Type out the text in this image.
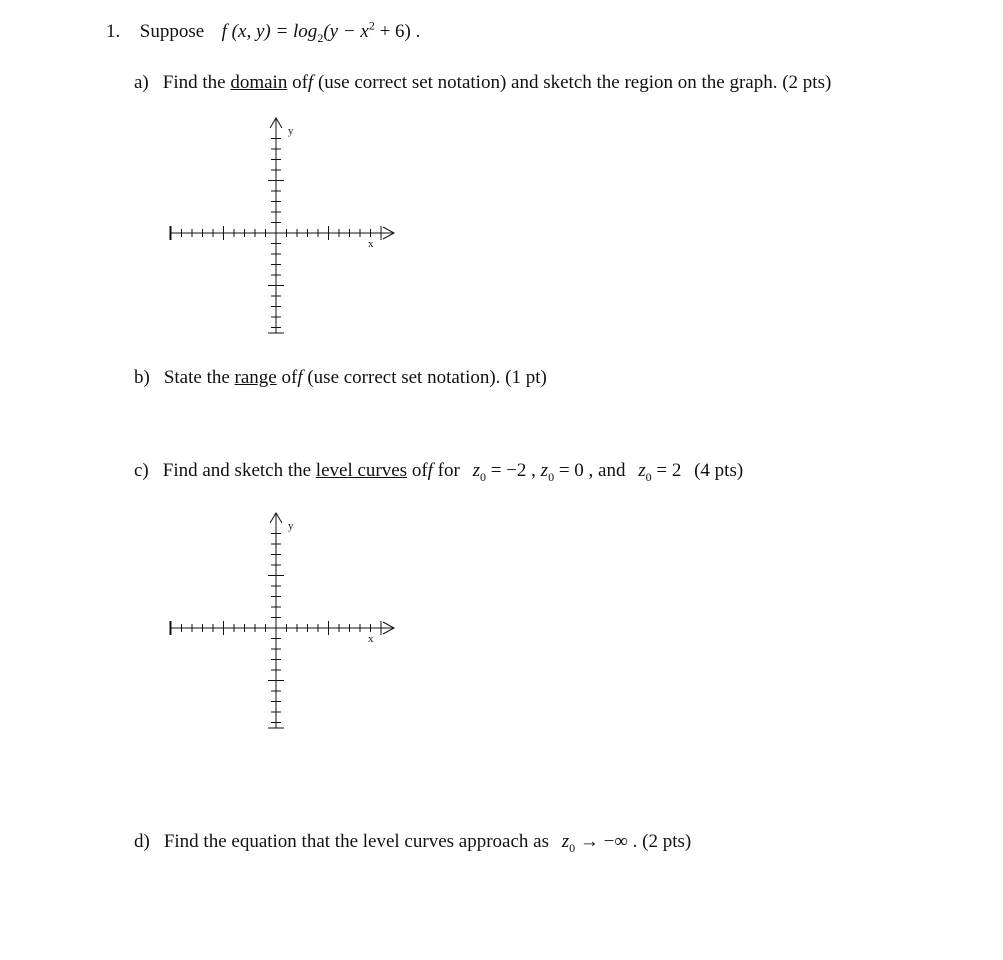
1. Suppose f (x, $y) = \log_2(y - x^2 + 6)$ .
a) Find the domain off (use correct set notation) and sketch the region on the graph. (2 pts)
y
x
b) State the range off (use correct set notation). (1 pt)
c) Find and sketch the level curves off for $z_0 = -2$ , $z_0 = 0$ , and $z_0 = 2$ (4 pts)
y
x
d) Find the equation that the level curves approach as $z_0$ → −∞ . (2 pts)
